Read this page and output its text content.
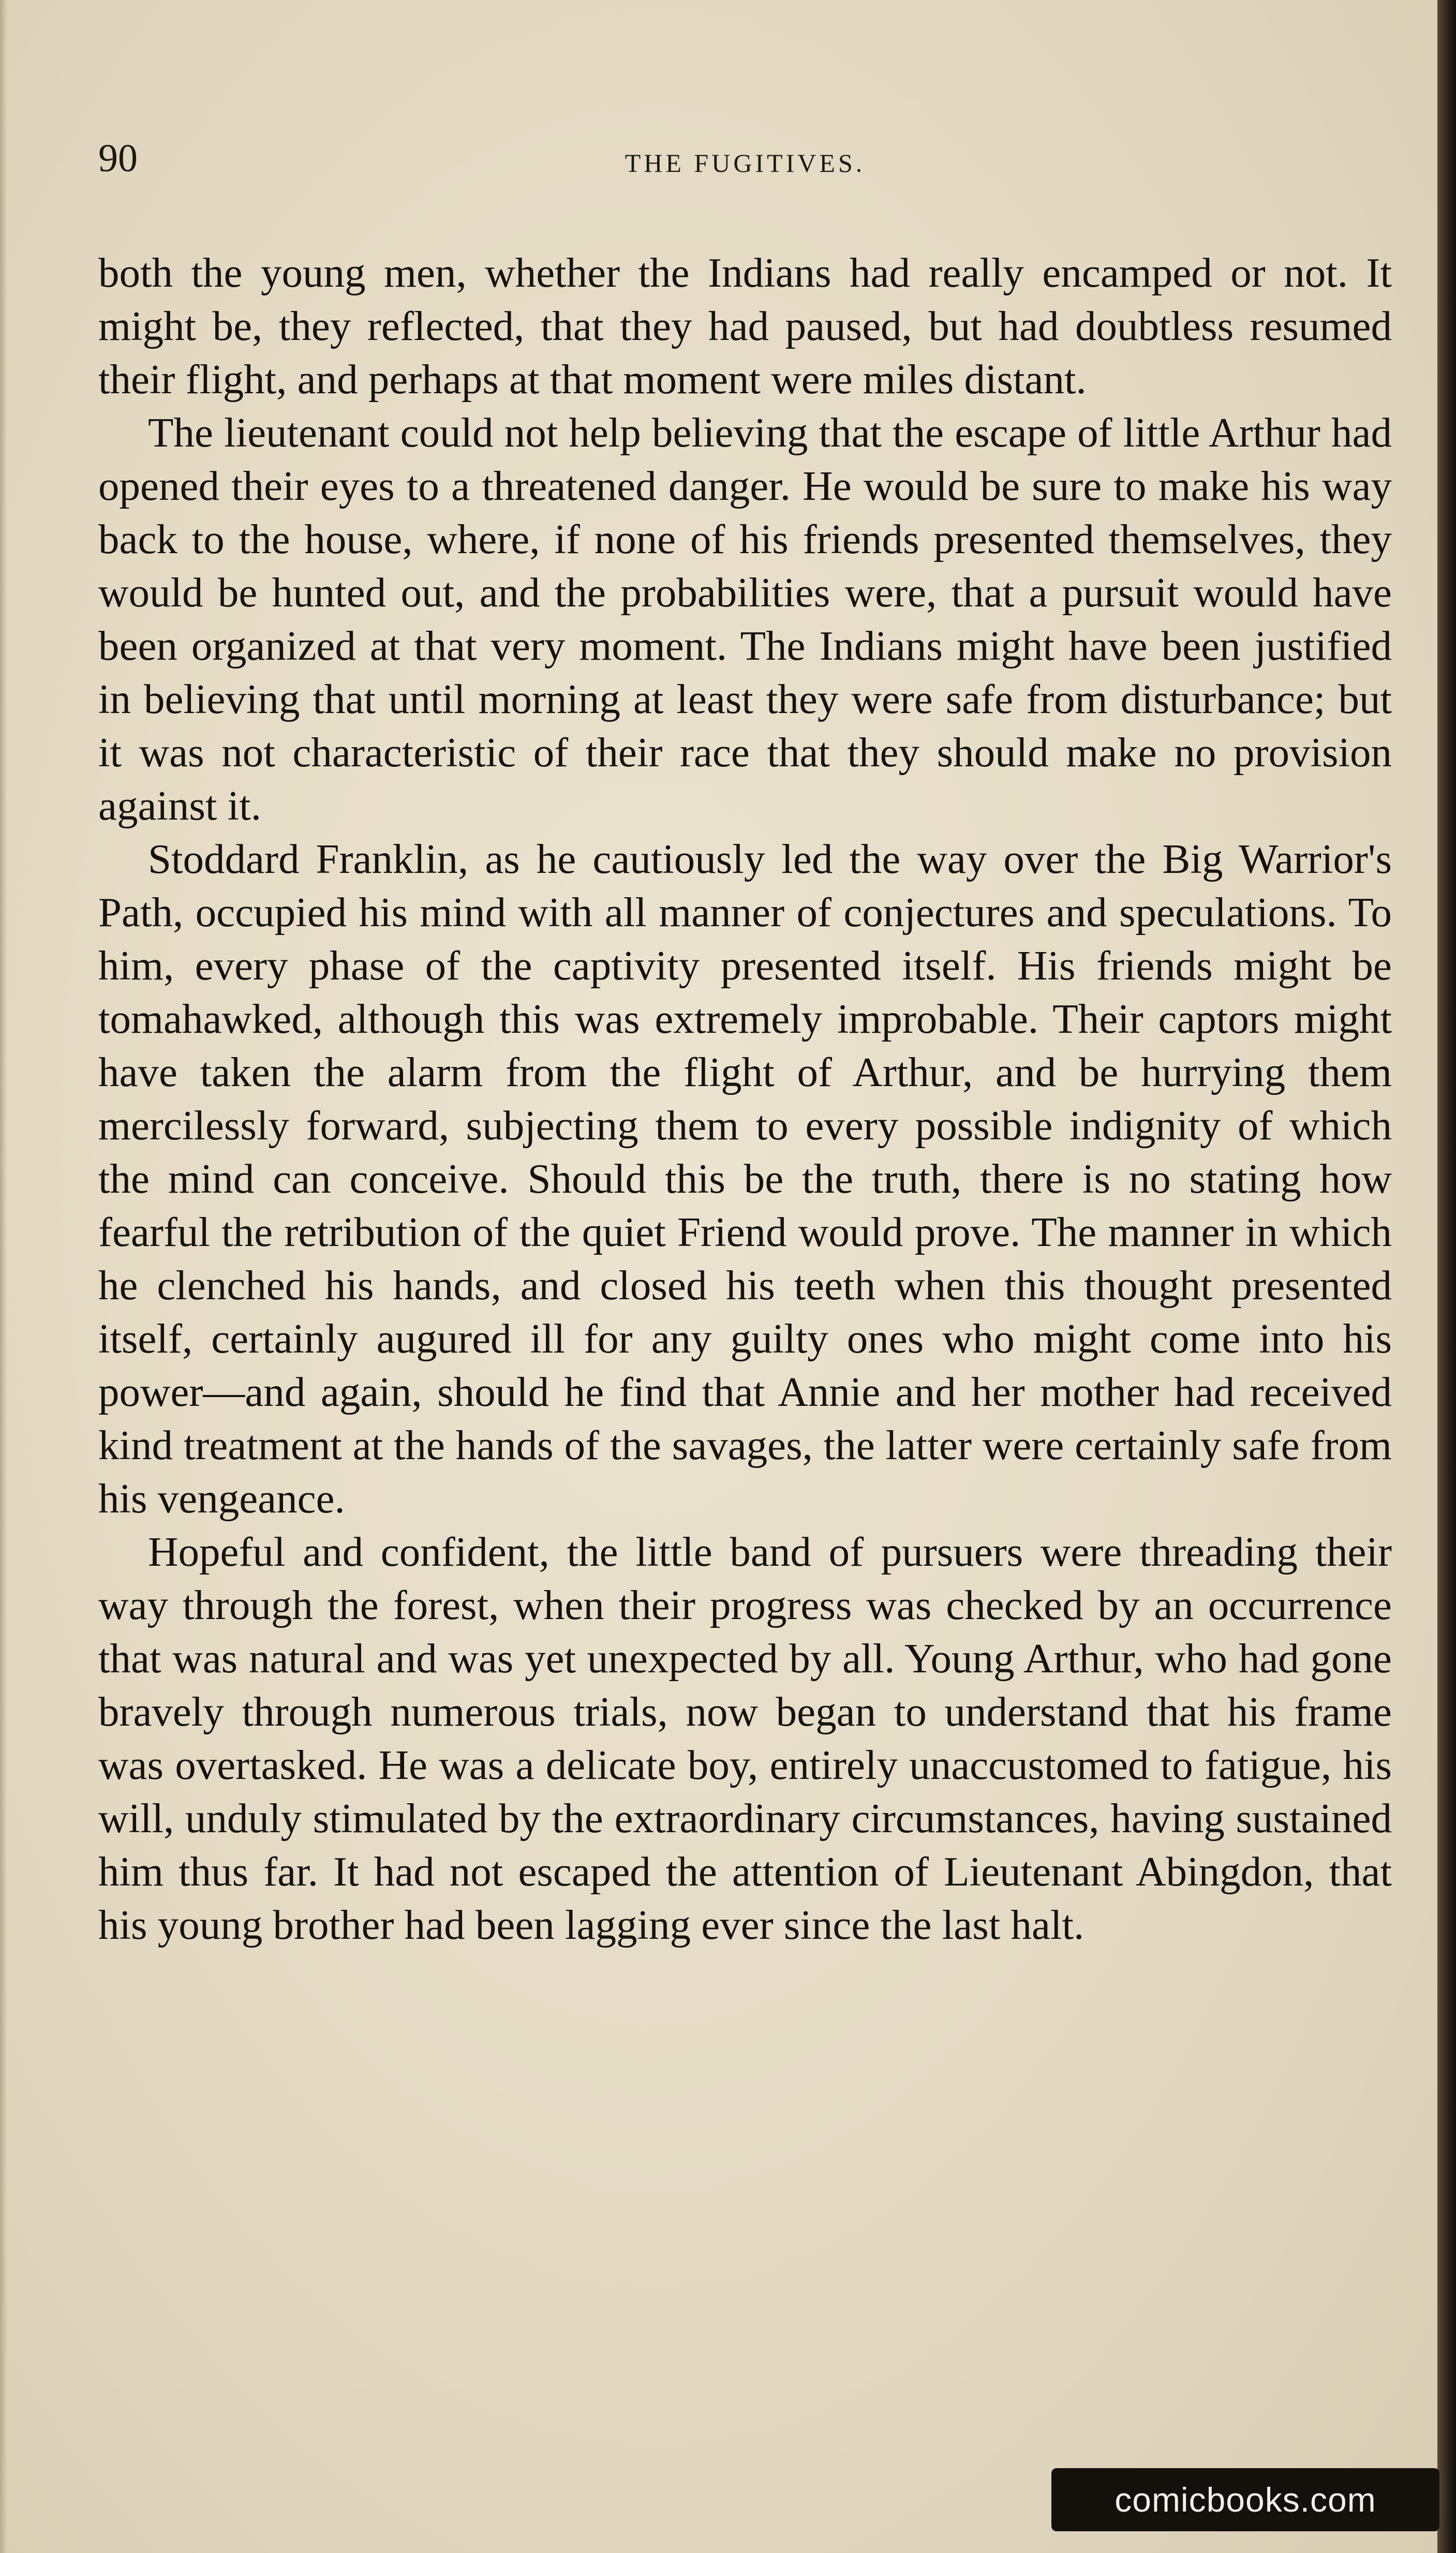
90	THE FUGITIVES.

both the young men, whether the Indians had really encamped or not. It might be, they reflected, that they had paused, but had doubtless resumed their flight, and perhaps at that moment were miles distant.

The lieutenant could not help believing that the escape of little Arthur had opened their eyes to a threatened danger. He would be sure to make his way back to the house, where, if none of his friends presented themselves, they would be hunted out, and the probabilities were, that a pursuit would have been organized at that very moment. The Indians might have been justified in believing that until morning at least they were safe from disturbance; but it was not characteristic of their race that they should make no provision against it.

Stoddard Franklin, as he cautiously led the way over the Big Warrior's Path, occupied his mind with all manner of conjectures and speculations. To him, every phase of the captivity presented itself. His friends might be tomahawked, although this was extremely improbable. Their captors might have taken the alarm from the flight of Arthur, and be hurrying them mercilessly forward, subjecting them to every possible indignity of which the mind can conceive. Should this be the truth, there is no stating how fearful the retribution of the quiet Friend would prove. The manner in which he clenched his hands, and closed his teeth when this thought presented itself, certainly augured ill for any guilty ones who might come into his power—and again, should he find that Annie and her mother had received kind treatment at the hands of the savages, the latter were certainly safe from his vengeance.

Hopeful and confident, the little band of pursuers were threading their way through the forest, when their progress was checked by an occurrence that was natural and was yet unexpected by all. Young Arthur, who had gone bravely through numerous trials, now began to understand that his frame was overtasked. He was a delicate boy, entirely unaccustomed to fatigue, his will, unduly stimulated by the extraordinary circumstances, having sustained him thus far. It had not escaped the attention of Lieutenant Abingdon, that his young brother had been lagging ever since the last halt.

comicbooks.com
